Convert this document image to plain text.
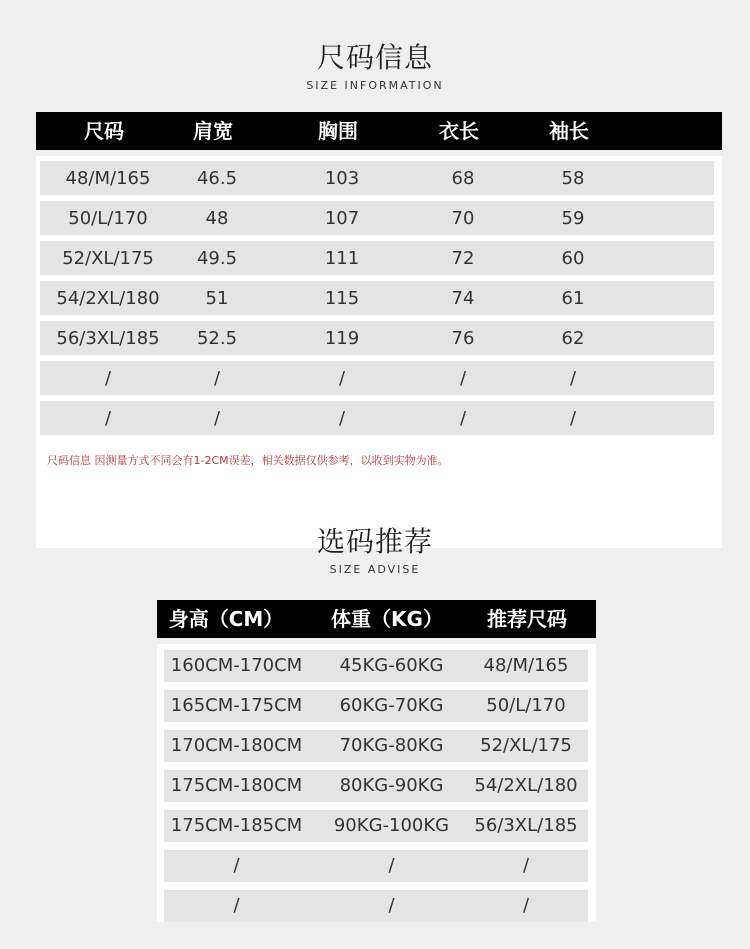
尺码信息
SIZE INFORMATION
尺码	肩宽	胸围	衣长	袖长
48/M/165	46.5	103	68	58
50/L/170	48	107	70	59
52/XL/175	49.5	111	72	60
54/2XL/180	51	115	74	61
56/3XL/185	52.5	119	76	62
/	/	/	/	/
/	/	/	/	/
尺码信息 因测量方式不同会有1-2CM误差，相关数据仅供参考，以收到实物为准。
选码推荐
SIZE ADVISE
身高（CM）	体重（KG）	推荐尺码
160CM-170CM	45KG-60KG	48/M/165
165CM-175CM	60KG-70KG	50/L/170
170CM-180CM	70KG-80KG	52/XL/175
175CM-180CM	80KG-90KG	54/2XL/180
175CM-185CM	90KG-100KG	56/3XL/185
/	/	/
/	/	/
